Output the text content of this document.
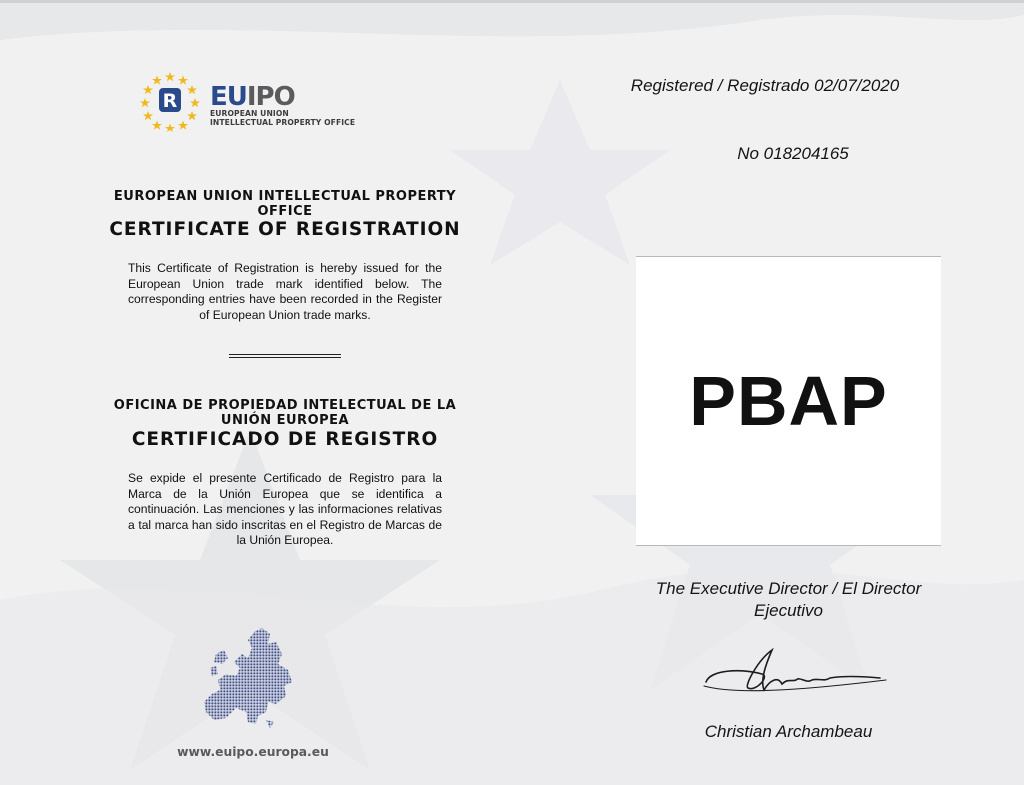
R EUIPO
EUROPEAN UNION
INTELLECTUAL PROPERTY OFFICE
EUROPEAN UNION INTELLECTUAL PROPERTY OFFICE
CERTIFICATE OF REGISTRATION
This Certificate of Registration is hereby issued for the European Union trade mark identified below. The corresponding entries have been recorded in the Register of European Union trade marks.
OFICINA DE PROPIEDAD INTELECTUAL DE LA UNIÓN EUROPEA
CERTIFICADO DE REGISTRO
Se expide el presente Certificado de Registro para la Marca de la Unión Europea que se identifica a continuación. Las menciones y las informaciones relativas a tal marca han sido inscritas en el Registro de Marcas de la Unión Europea.
www.euipo.europa.eu
Registered / Registrado 02/07/2020
No 018204165
PBAP
The Executive Director / El Director Ejecutivo
Christian Archambeau
